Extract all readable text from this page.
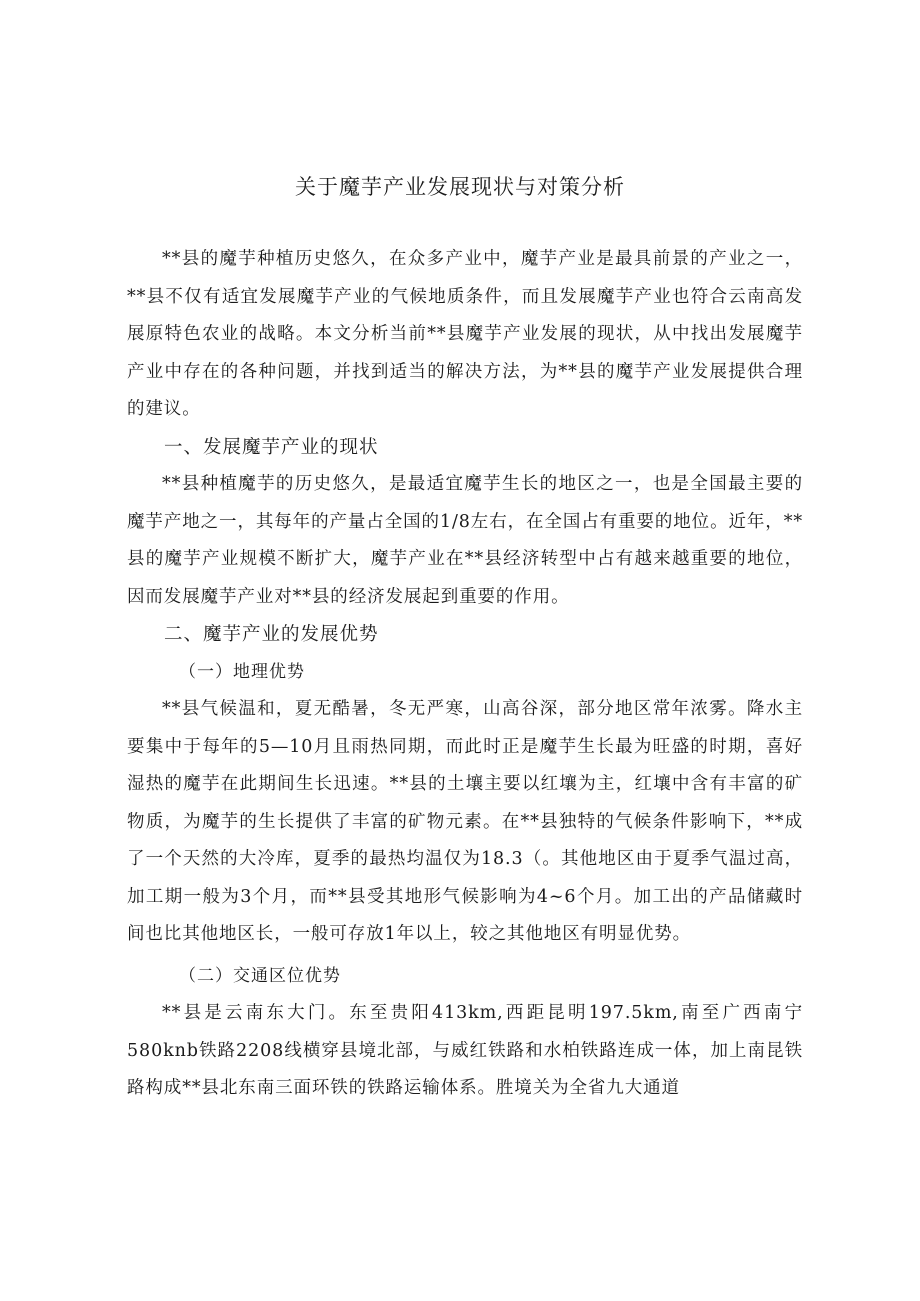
关于魔芋产业发展现状与对策分析

**县的魔芋种植历史悠久，在众多产业中，魔芋产业是最具前景的产业之一，**县不仅有适宜发展魔芋产业的气候地质条件，而且发展魔芋产业也符合云南高发展原特色农业的战略。本文分析当前**县魔芋产业发展的现状，从中找出发展魔芋产业中存在的各种问题，并找到适当的解决方法，为**县的魔芋产业发展提供合理的建议。

一、发展魔芋产业的现状

**县种植魔芋的历史悠久，是最适宜魔芋生长的地区之一，也是全国最主要的魔芋产地之一，其每年的产量占全国的1/8左右，在全国占有重要的地位。近年，**县的魔芋产业规模不断扩大，魔芋产业在**县经济转型中占有越来越重要的地位，因而发展魔芋产业对**县的经济发展起到重要的作用。

二、魔芋产业的发展优势

（一）地理优势

**县气候温和，夏无酷暑，冬无严寒，山高谷深，部分地区常年浓雾。降水主要集中于每年的5—10月且雨热同期，而此时正是魔芋生长最为旺盛的时期，喜好湿热的魔芋在此期间生长迅速。**县的土壤主要以红壤为主，红壤中含有丰富的矿物质，为魔芋的生长提供了丰富的矿物元素。在**县独特的气候条件影响下，**成了一个天然的大冷库，夏季的最热均温仅为18.3（。其他地区由于夏季气温过高，加工期一般为3个月，而**县受其地形气候影响为4~6个月。加工出的产品储藏时间也比其他地区长，一般可存放1年以上，较之其他地区有明显优势。

（二）交通区位优势

**县是云南东大门。东至贵阳413km,西距昆明197.5km,南至广西南宁580knb铁路2208线横穿县境北部，与威红铁路和水柏铁路连成一体，加上南昆铁路构成**县北东南三面环铁的铁路运输体系。胜境关为全省九大通道
